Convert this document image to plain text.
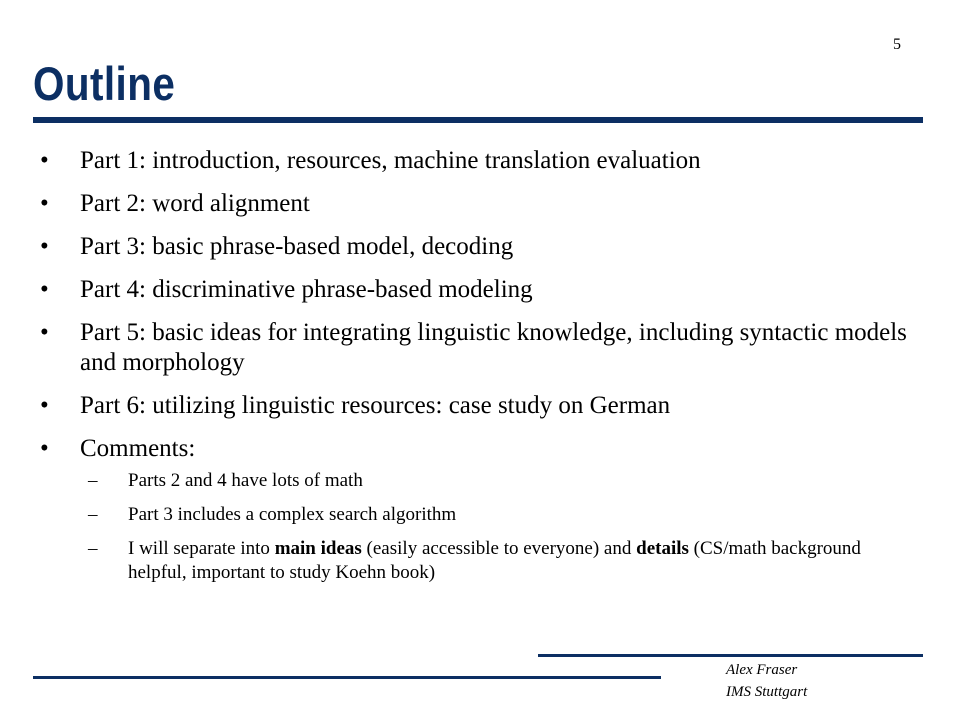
5
Outline
•	Part 1: introduction, resources, machine translation evaluation
•	Part 2: word alignment
•	Part 3: basic phrase-based model, decoding
•	Part 4: discriminative phrase-based modeling
•	Part 5: basic ideas for integrating linguistic knowledge, including syntactic models and morphology
•	Part 6: utilizing linguistic resources: case study on German
•	Comments:
– Parts 2 and 4 have lots of math
– Part 3 includes a complex search algorithm
– I will separate into main ideas (easily accessible to everyone) and details (CS/math background helpful, important to study Koehn book)
Alex Fraser
IMS Stuttgart
